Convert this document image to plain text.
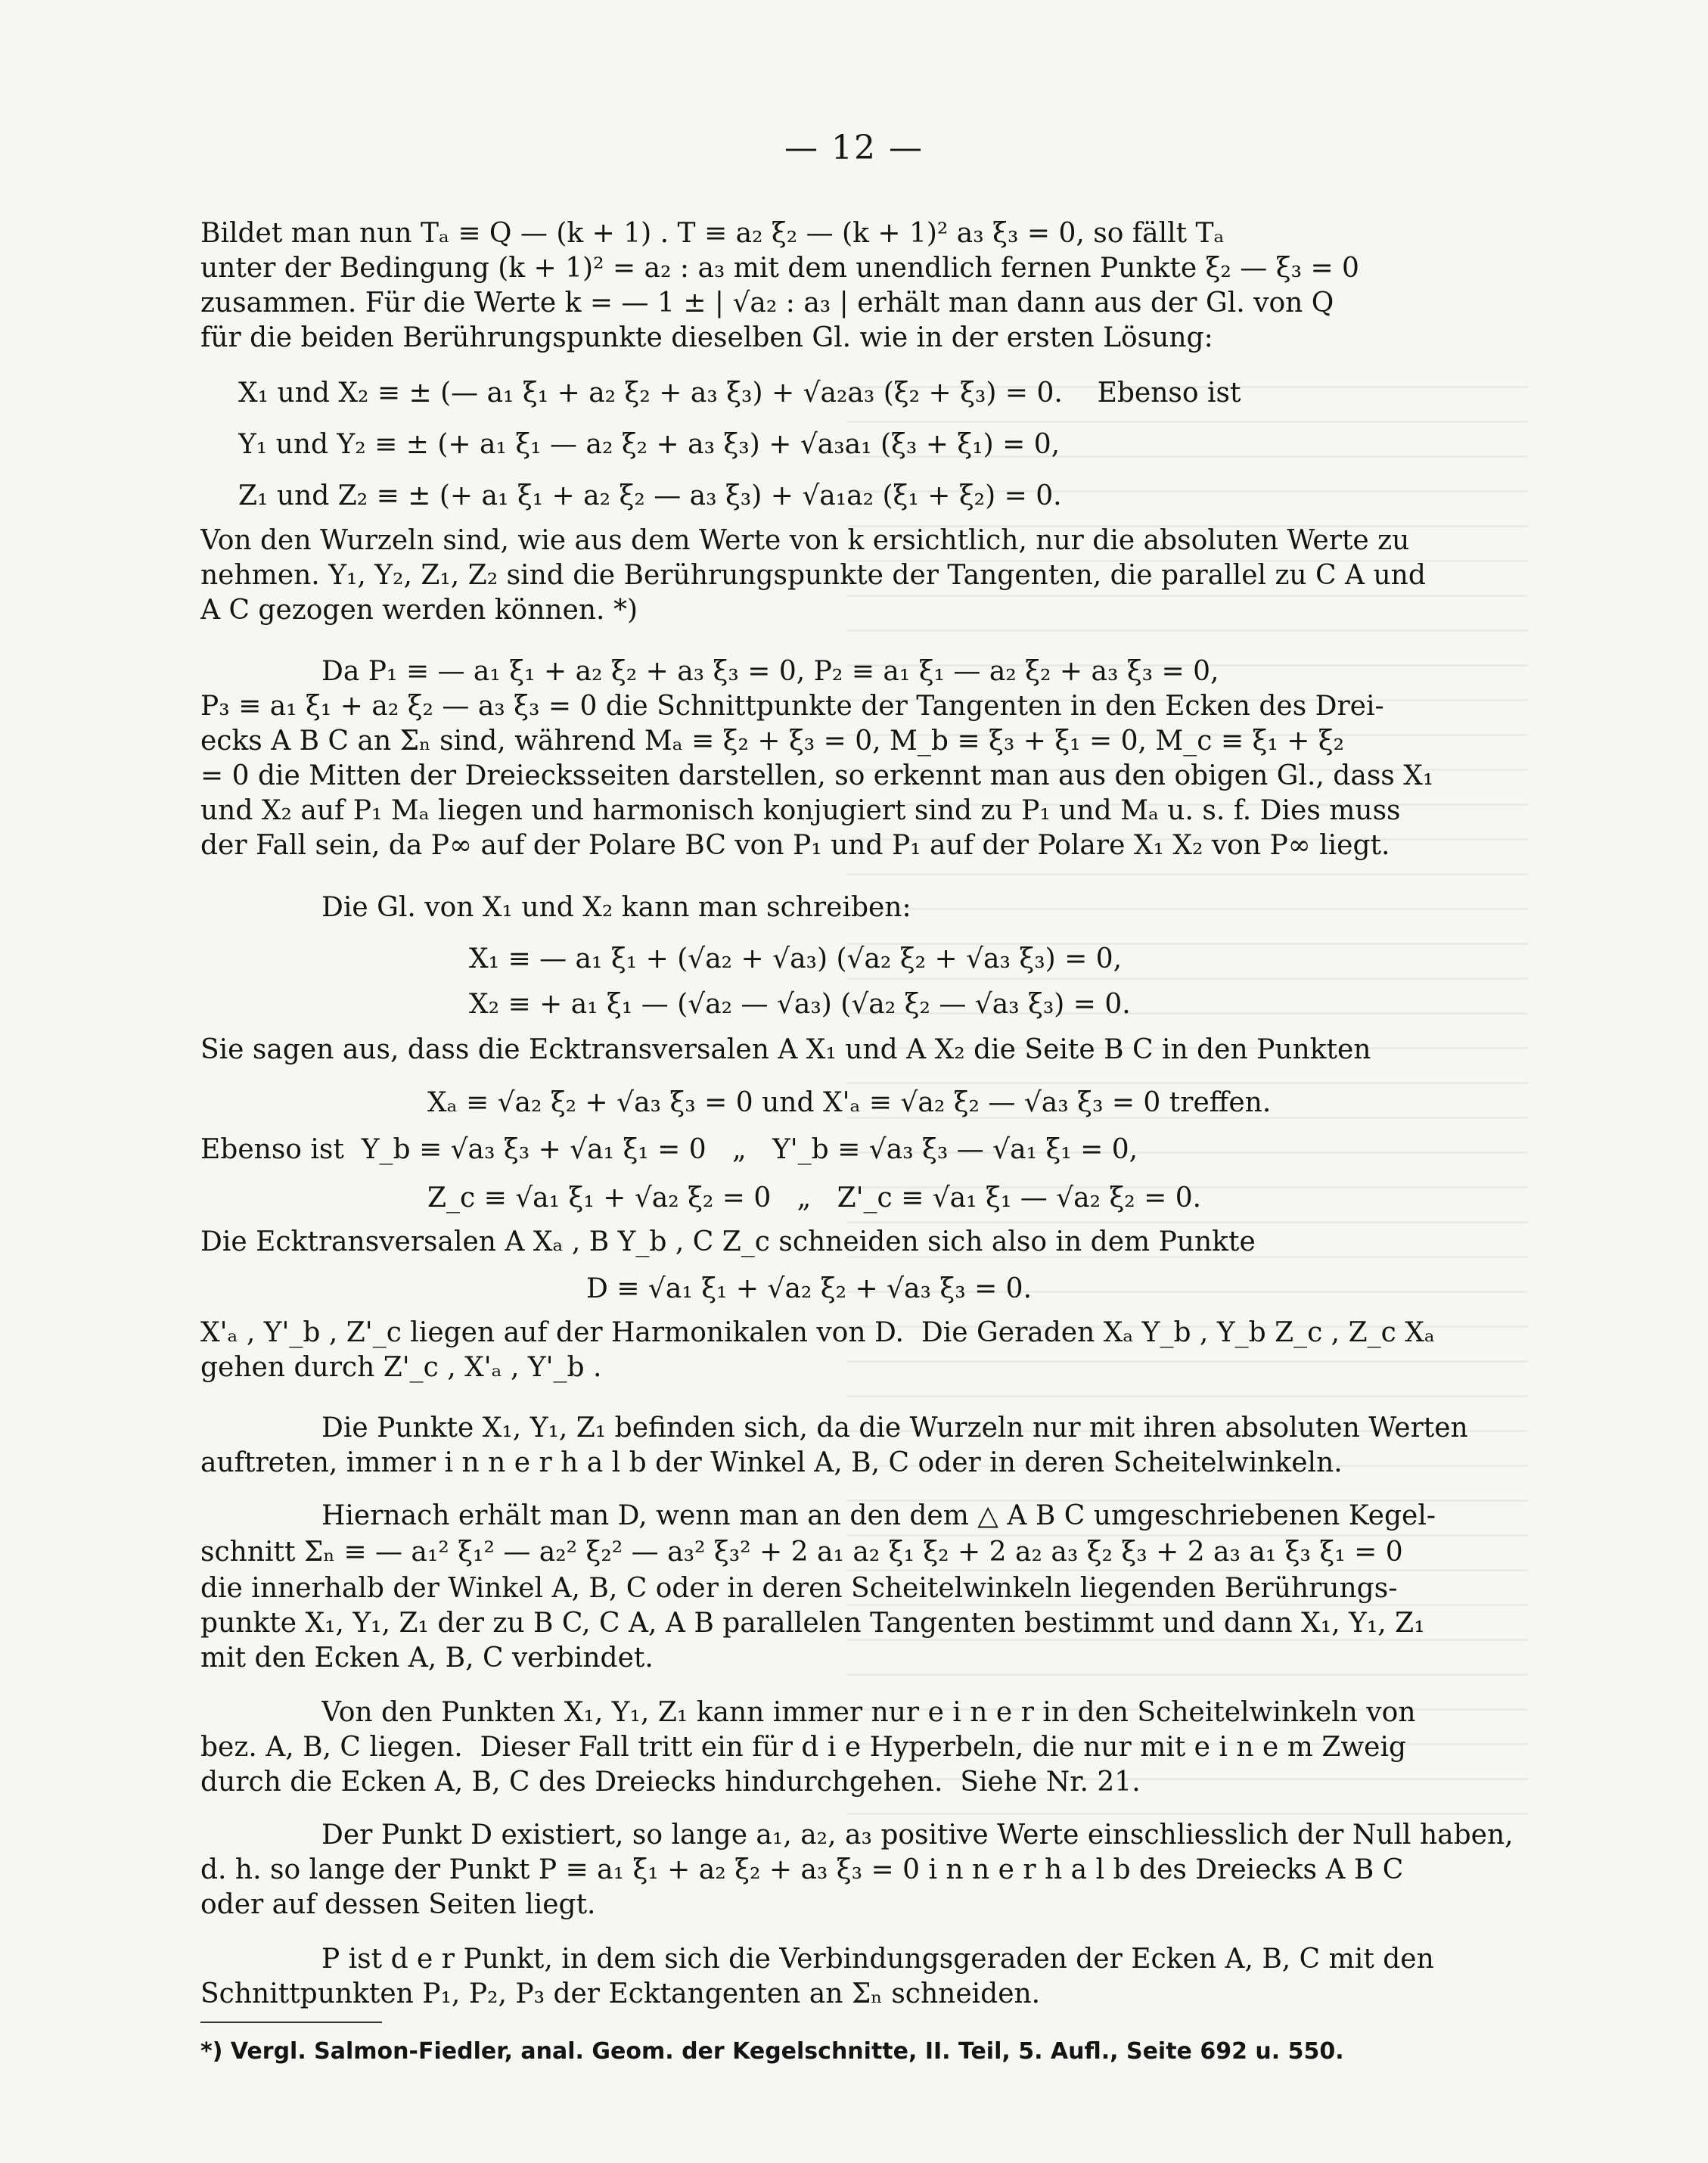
— 12 —
Bildet man nun Tₐ ≡ Q — (k + 1) . T ≡ a₂ ξ₂ — (k + 1)² a₃ ξ₃ = 0, so fällt Tₐ
unter der Bedingung (k + 1)² = a₂ : a₃ mit dem unendlich fernen Punkte ξ₂ — ξ₃ = 0
zusammen. Für die Werte k = — 1 ± | √a₂ : a₃ | erhält man dann aus der Gl. von Q
für die beiden Berührungspunkte dieselben Gl. wie in der ersten Lösung:
X₁ und X₂ ≡ ± (— a₁ ξ₁ + a₂ ξ₂ + a₃ ξ₃) + √a₂a₃ (ξ₂ + ξ₃) = 0.    Ebenso ist
Y₁ und Y₂ ≡ ± (+ a₁ ξ₁ — a₂ ξ₂ + a₃ ξ₃) + √a₃a₁ (ξ₃ + ξ₁) = 0,
Z₁ und Z₂ ≡ ± (+ a₁ ξ₁ + a₂ ξ₂ — a₃ ξ₃) + √a₁a₂ (ξ₁ + ξ₂) = 0.
Von den Wurzeln sind, wie aus dem Werte von k ersichtlich, nur die absoluten Werte zu
nehmen. Y₁, Y₂, Z₁, Z₂ sind die Berührungspunkte der Tangenten, die parallel zu C A und
A C gezogen werden können. *)
Da P₁ ≡ — a₁ ξ₁ + a₂ ξ₂ + a₃ ξ₃ = 0, P₂ ≡ a₁ ξ₁ — a₂ ξ₂ + a₃ ξ₃ = 0,
P₃ ≡ a₁ ξ₁ + a₂ ξ₂ — a₃ ξ₃ = 0 die Schnittpunkte der Tangenten in den Ecken des Drei-
ecks A B C an Σₙ sind, während Mₐ ≡ ξ₂ + ξ₃ = 0, M_b ≡ ξ₃ + ξ₁ = 0, M_c ≡ ξ₁ + ξ₂
= 0 die Mitten der Dreiecksseiten darstellen, so erkennt man aus den obigen Gl., dass X₁
und X₂ auf P₁ Mₐ liegen und harmonisch konjugiert sind zu P₁ und Mₐ u. s. f. Dies muss
der Fall sein, da P∞ auf der Polare BC von P₁ und P₁ auf der Polare X₁ X₂ von P∞ liegt.
Die Gl. von X₁ und X₂ kann man schreiben:
X₁ ≡ — a₁ ξ₁ + (√a₂ + √a₃) (√a₂ ξ₂ + √a₃ ξ₃) = 0,
X₂ ≡ + a₁ ξ₁ — (√a₂ — √a₃) (√a₂ ξ₂ — √a₃ ξ₃) = 0.
Sie sagen aus, dass die Ecktransversalen A X₁ und A X₂ die Seite B C in den Punkten
Xₐ ≡ √a₂ ξ₂ + √a₃ ξ₃ = 0 und X'ₐ ≡ √a₂ ξ₂ — √a₃ ξ₃ = 0 treffen.
Ebenso ist  Y_b ≡ √a₃ ξ₃ + √a₁ ξ₁ = 0   „   Y'_b ≡ √a₃ ξ₃ — √a₁ ξ₁ = 0,
Z_c ≡ √a₁ ξ₁ + √a₂ ξ₂ = 0   „   Z'_c ≡ √a₁ ξ₁ — √a₂ ξ₂ = 0.
Die Ecktransversalen A Xₐ , B Y_b , C Z_c schneiden sich also in dem Punkte
D ≡ √a₁ ξ₁ + √a₂ ξ₂ + √a₃ ξ₃ = 0.
X'ₐ , Y'_b , Z'_c liegen auf der Harmonikalen von D.  Die Geraden Xₐ Y_b , Y_b Z_c , Z_c Xₐ
gehen durch Z'_c , X'ₐ , Y'_b .
Die Punkte X₁, Y₁, Z₁ befinden sich, da die Wurzeln nur mit ihren absoluten Werten
auftreten, immer i n n e r h a l b der Winkel A, B, C oder in deren Scheitelwinkeln.
Hiernach erhält man D, wenn man an den dem △ A B C umgeschriebenen Kegel-
schnitt Σₙ ≡ — a₁² ξ₁² — a₂² ξ₂² — a₃² ξ₃² + 2 a₁ a₂ ξ₁ ξ₂ + 2 a₂ a₃ ξ₂ ξ₃ + 2 a₃ a₁ ξ₃ ξ₁ = 0
die innerhalb der Winkel A, B, C oder in deren Scheitelwinkeln liegenden Berührungs-
punkte X₁, Y₁, Z₁ der zu B C, C A, A B parallelen Tangenten bestimmt und dann X₁, Y₁, Z₁
mit den Ecken A, B, C verbindet.
Von den Punkten X₁, Y₁, Z₁ kann immer nur e i n e r in den Scheitelwinkeln von
bez. A, B, C liegen.  Dieser Fall tritt ein für d i e Hyperbeln, die nur mit e i n e m Zweig
durch die Ecken A, B, C des Dreiecks hindurchgehen.  Siehe Nr. 21.
Der Punkt D existiert, so lange a₁, a₂, a₃ positive Werte einschliesslich der Null haben,
d. h. so lange der Punkt P ≡ a₁ ξ₁ + a₂ ξ₂ + a₃ ξ₃ = 0 i n n e r h a l b des Dreiecks A B C
oder auf dessen Seiten liegt.
P ist d e r Punkt, in dem sich die Verbindungsgeraden der Ecken A, B, C mit den
Schnittpunkten P₁, P₂, P₃ der Ecktangenten an Σₙ schneiden.
*) Vergl. Salmon-Fiedler, anal. Geom. der Kegelschnitte, II. Teil, 5. Aufl., Seite 692 u. 550.
